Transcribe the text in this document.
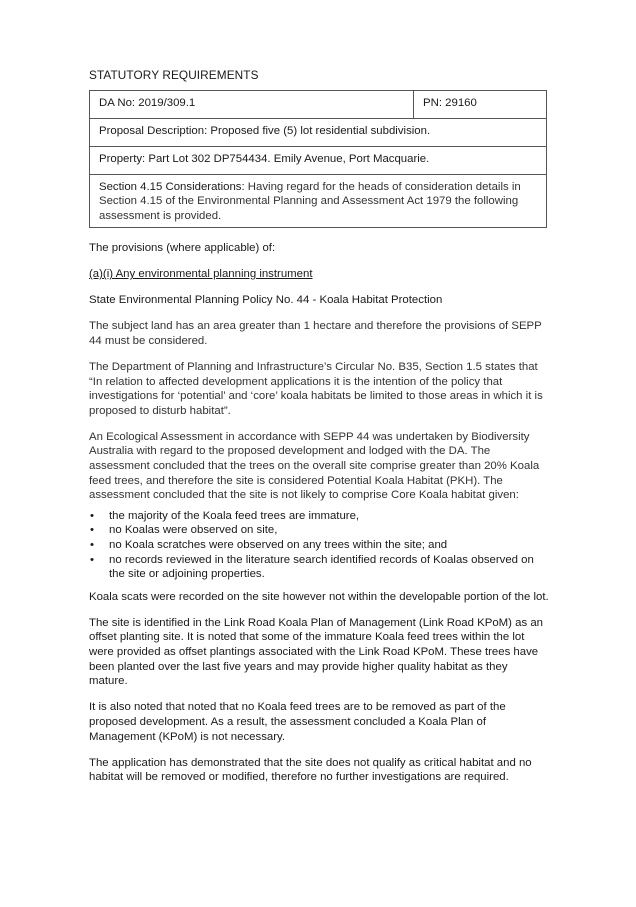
STATUTORY REQUIREMENTS
DA No: 2019/309.1	PN: 29160
Proposal Description: Proposed five (5) lot residential subdivision.
Property: Part Lot 302 DP754434. Emily Avenue, Port Macquarie.
Section 4.15 Considerations: Having regard for the heads of consideration details in Section 4.15 of the Environmental Planning and Assessment Act 1979 the following assessment is provided.

The provisions (where applicable) of:

(a)(i) Any environmental planning instrument

State Environmental Planning Policy No. 44 - Koala Habitat Protection

The subject land has an area greater than 1 hectare and therefore the provisions of SEPP 44 must be considered.

The Department of Planning and Infrastructure’s Circular No. B35, Section 1.5 states that “In relation to affected development applications it is the intention of the policy that investigations for ‘potential’ and ‘core’ koala habitats be limited to those areas in which it is proposed to disturb habitat”.

An Ecological Assessment in accordance with SEPP 44 was undertaken by Biodiversity Australia with regard to the proposed development and lodged with the DA. The assessment concluded that the trees on the overall site comprise greater than 20% Koala feed trees, and therefore the site is considered Potential Koala Habitat (PKH). The assessment concluded that the site is not likely to comprise Core Koala habitat given:

• the majority of the Koala feed trees are immature,
• no Koalas were observed on site,
• no Koala scratches were observed on any trees within the site; and
• no records reviewed in the literature search identified records of Koalas observed on the site or adjoining properties.

Koala scats were recorded on the site however not within the developable portion of the lot.

The site is identified in the Link Road Koala Plan of Management (Link Road KPoM) as an offset planting site. It is noted that some of the immature Koala feed trees within the lot were provided as offset plantings associated with the Link Road KPoM. These trees have been planted over the last five years and may provide higher quality habitat as they mature.

It is also noted that noted that no Koala feed trees are to be removed as part of the proposed development. As a result, the assessment concluded a Koala Plan of Management (KPoM) is not necessary.

The application has demonstrated that the site does not qualify as critical habitat and no habitat will be removed or modified, therefore no further investigations are required.
